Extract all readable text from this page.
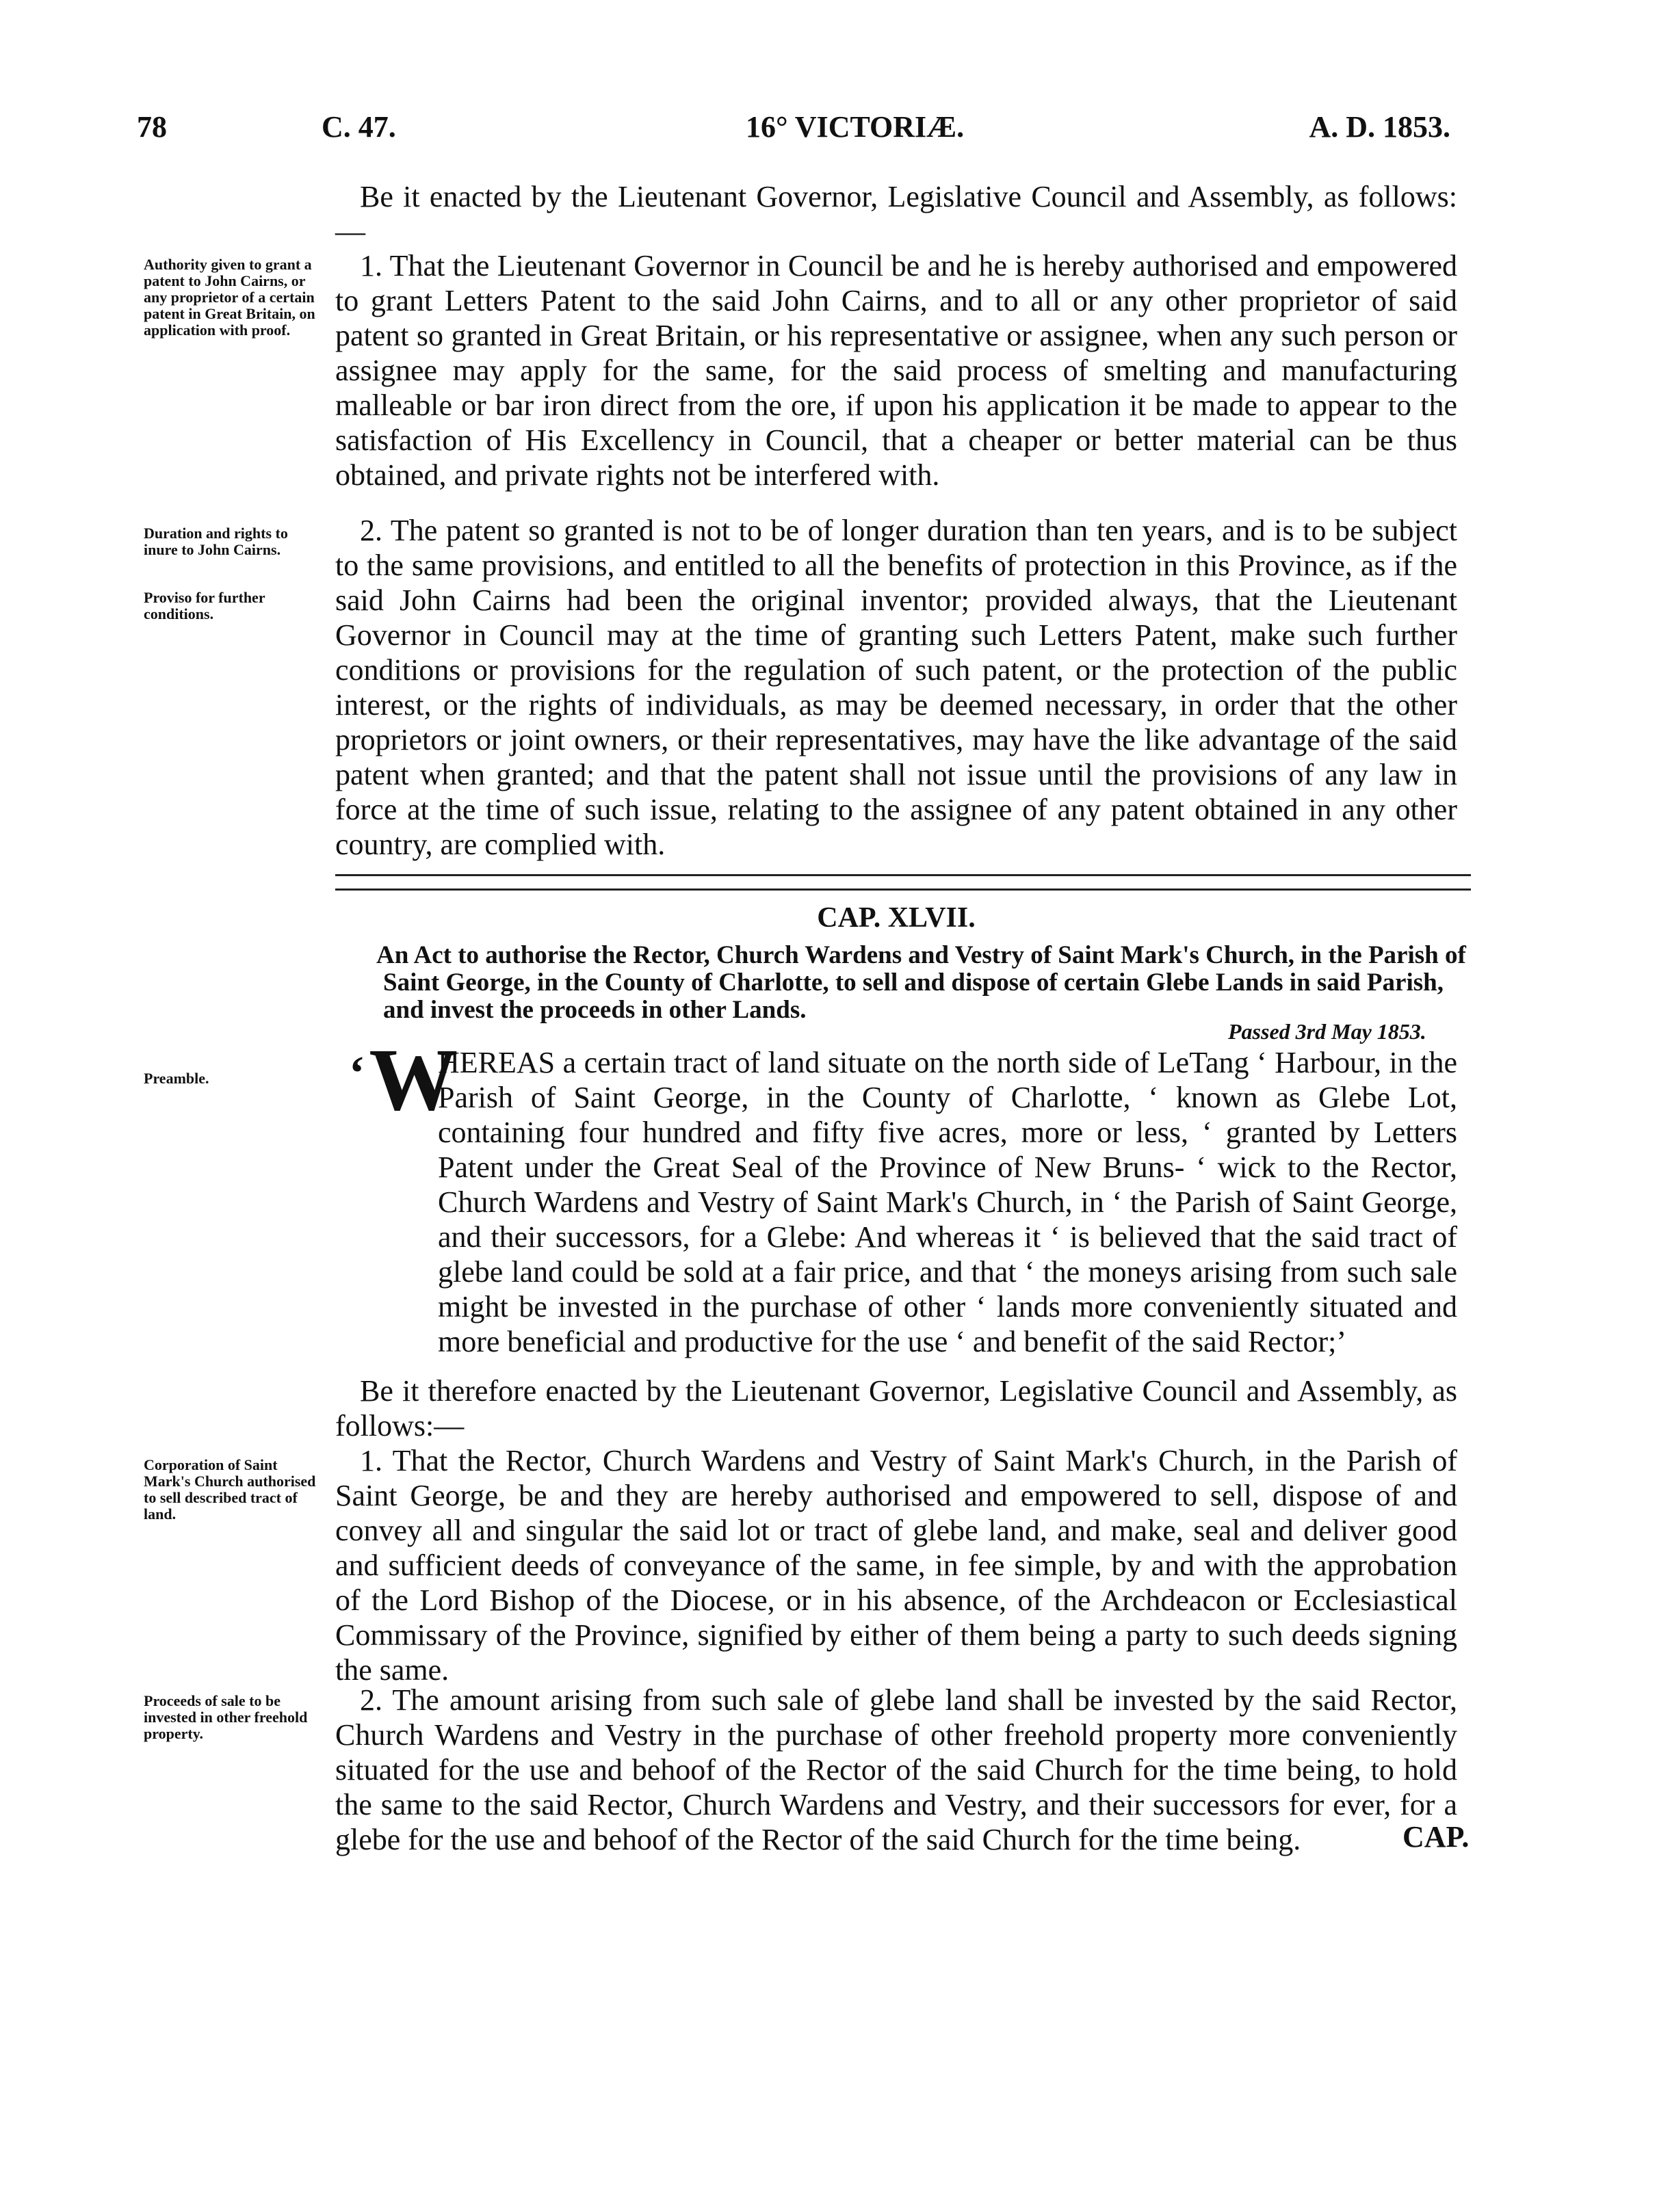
78	C. 47.	16° VICTORIÆ.	A. D. 1853.

Be it enacted by the Lieutenant Governor, Legislative Council and Assembly, as follows:—

1. That the Lieutenant Governor in Council be and he is hereby authorised and empowered to grant Letters Patent to the said John Cairns, and to all or any other proprietor of said patent so granted in Great Britain, or his representative or assignee, when any such person or assignee may apply for the same, for the said process of smelting and manufacturing malleable or bar iron direct from the ore, if upon his application it be made to appear to the satisfaction of His Excellency in Council, that a cheaper or better material can be thus obtained, and private rights not be interfered with.

2. The patent so granted is not to be of longer duration than ten years, and is to be subject to the same provisions, and entitled to all the benefits of protection in this Province, as if the said John Cairns had been the original inventor; provided always, that the Lieutenant Governor in Council may at the time of granting such Letters Patent, make such further conditions or provisions for the regulation of such patent, or the protection of the public interest, or the rights of individuals, as may be deemed necessary, in order that the other proprietors or joint owners, or their representatives, may have the like advantage of the said patent when granted; and that the patent shall not issue until the provisions of any law in force at the time of such issue, relating to the assignee of any patent obtained in any other country, are complied with.

Authority given to grant a patent to John Cairns, or any proprietor of a certain patent in Great Britain, on application with proof.
Duration and rights to inure to John Cairns.
Proviso for further conditions.
Preamble.
Corporation of Saint Mark's Church authorised to sell described tract of land.
Proceeds of sale to be invested in other freehold property.

CAP. XLVII.

An Act to authorise the Rector, Church Wardens and Vestry of Saint Mark's Church, in the Parish of Saint George, in the County of Charlotte, to sell and dispose of certain Glebe Lands in said Parish, and invest the proceeds in other Lands.

Passed 3rd May 1853.
‘W

HEREAS a certain tract of land situate on the north side of LeTang ‘ Harbour, in the Parish of Saint George, in the County of Charlotte, ‘ known as Glebe Lot, containing four hundred and fifty five acres, more or less, ‘ granted by Letters Patent under the Great Seal of the Province of New Bruns- ‘ wick to the Rector, Church Wardens and Vestry of Saint Mark's Church, in ‘ the Parish of Saint George, and their successors, for a Glebe: And whereas it ‘ is believed that the said tract of glebe land could be sold at a fair price, and that ‘ the moneys arising from such sale might be invested in the purchase of other ‘ lands more conveniently situated and more beneficial and productive for the use ‘ and benefit of the said Rector;’

Be it therefore enacted by the Lieutenant Governor, Legislative Council and Assembly, as follows:—

1. That the Rector, Church Wardens and Vestry of Saint Mark's Church, in the Parish of Saint George, be and they are hereby authorised and empowered to sell, dispose of and convey all and singular the said lot or tract of glebe land, and make, seal and deliver good and sufficient deeds of conveyance of the same, in fee simple, by and with the approbation of the Lord Bishop of the Diocese, or in his absence, of the Archdeacon or Ecclesiastical Commissary of the Province, signified by either of them being a party to such deeds signing the same.

2. The amount arising from such sale of glebe land shall be invested by the said Rector, Church Wardens and Vestry in the purchase of other freehold property more conveniently situated for the use and behoof of the Rector of the said Church for the time being, to hold the same to the said Rector, Church Wardens and Vestry, and their successors for ever, for a glebe for the use and behoof of the Rector of the said Church for the time being.	CAP.
